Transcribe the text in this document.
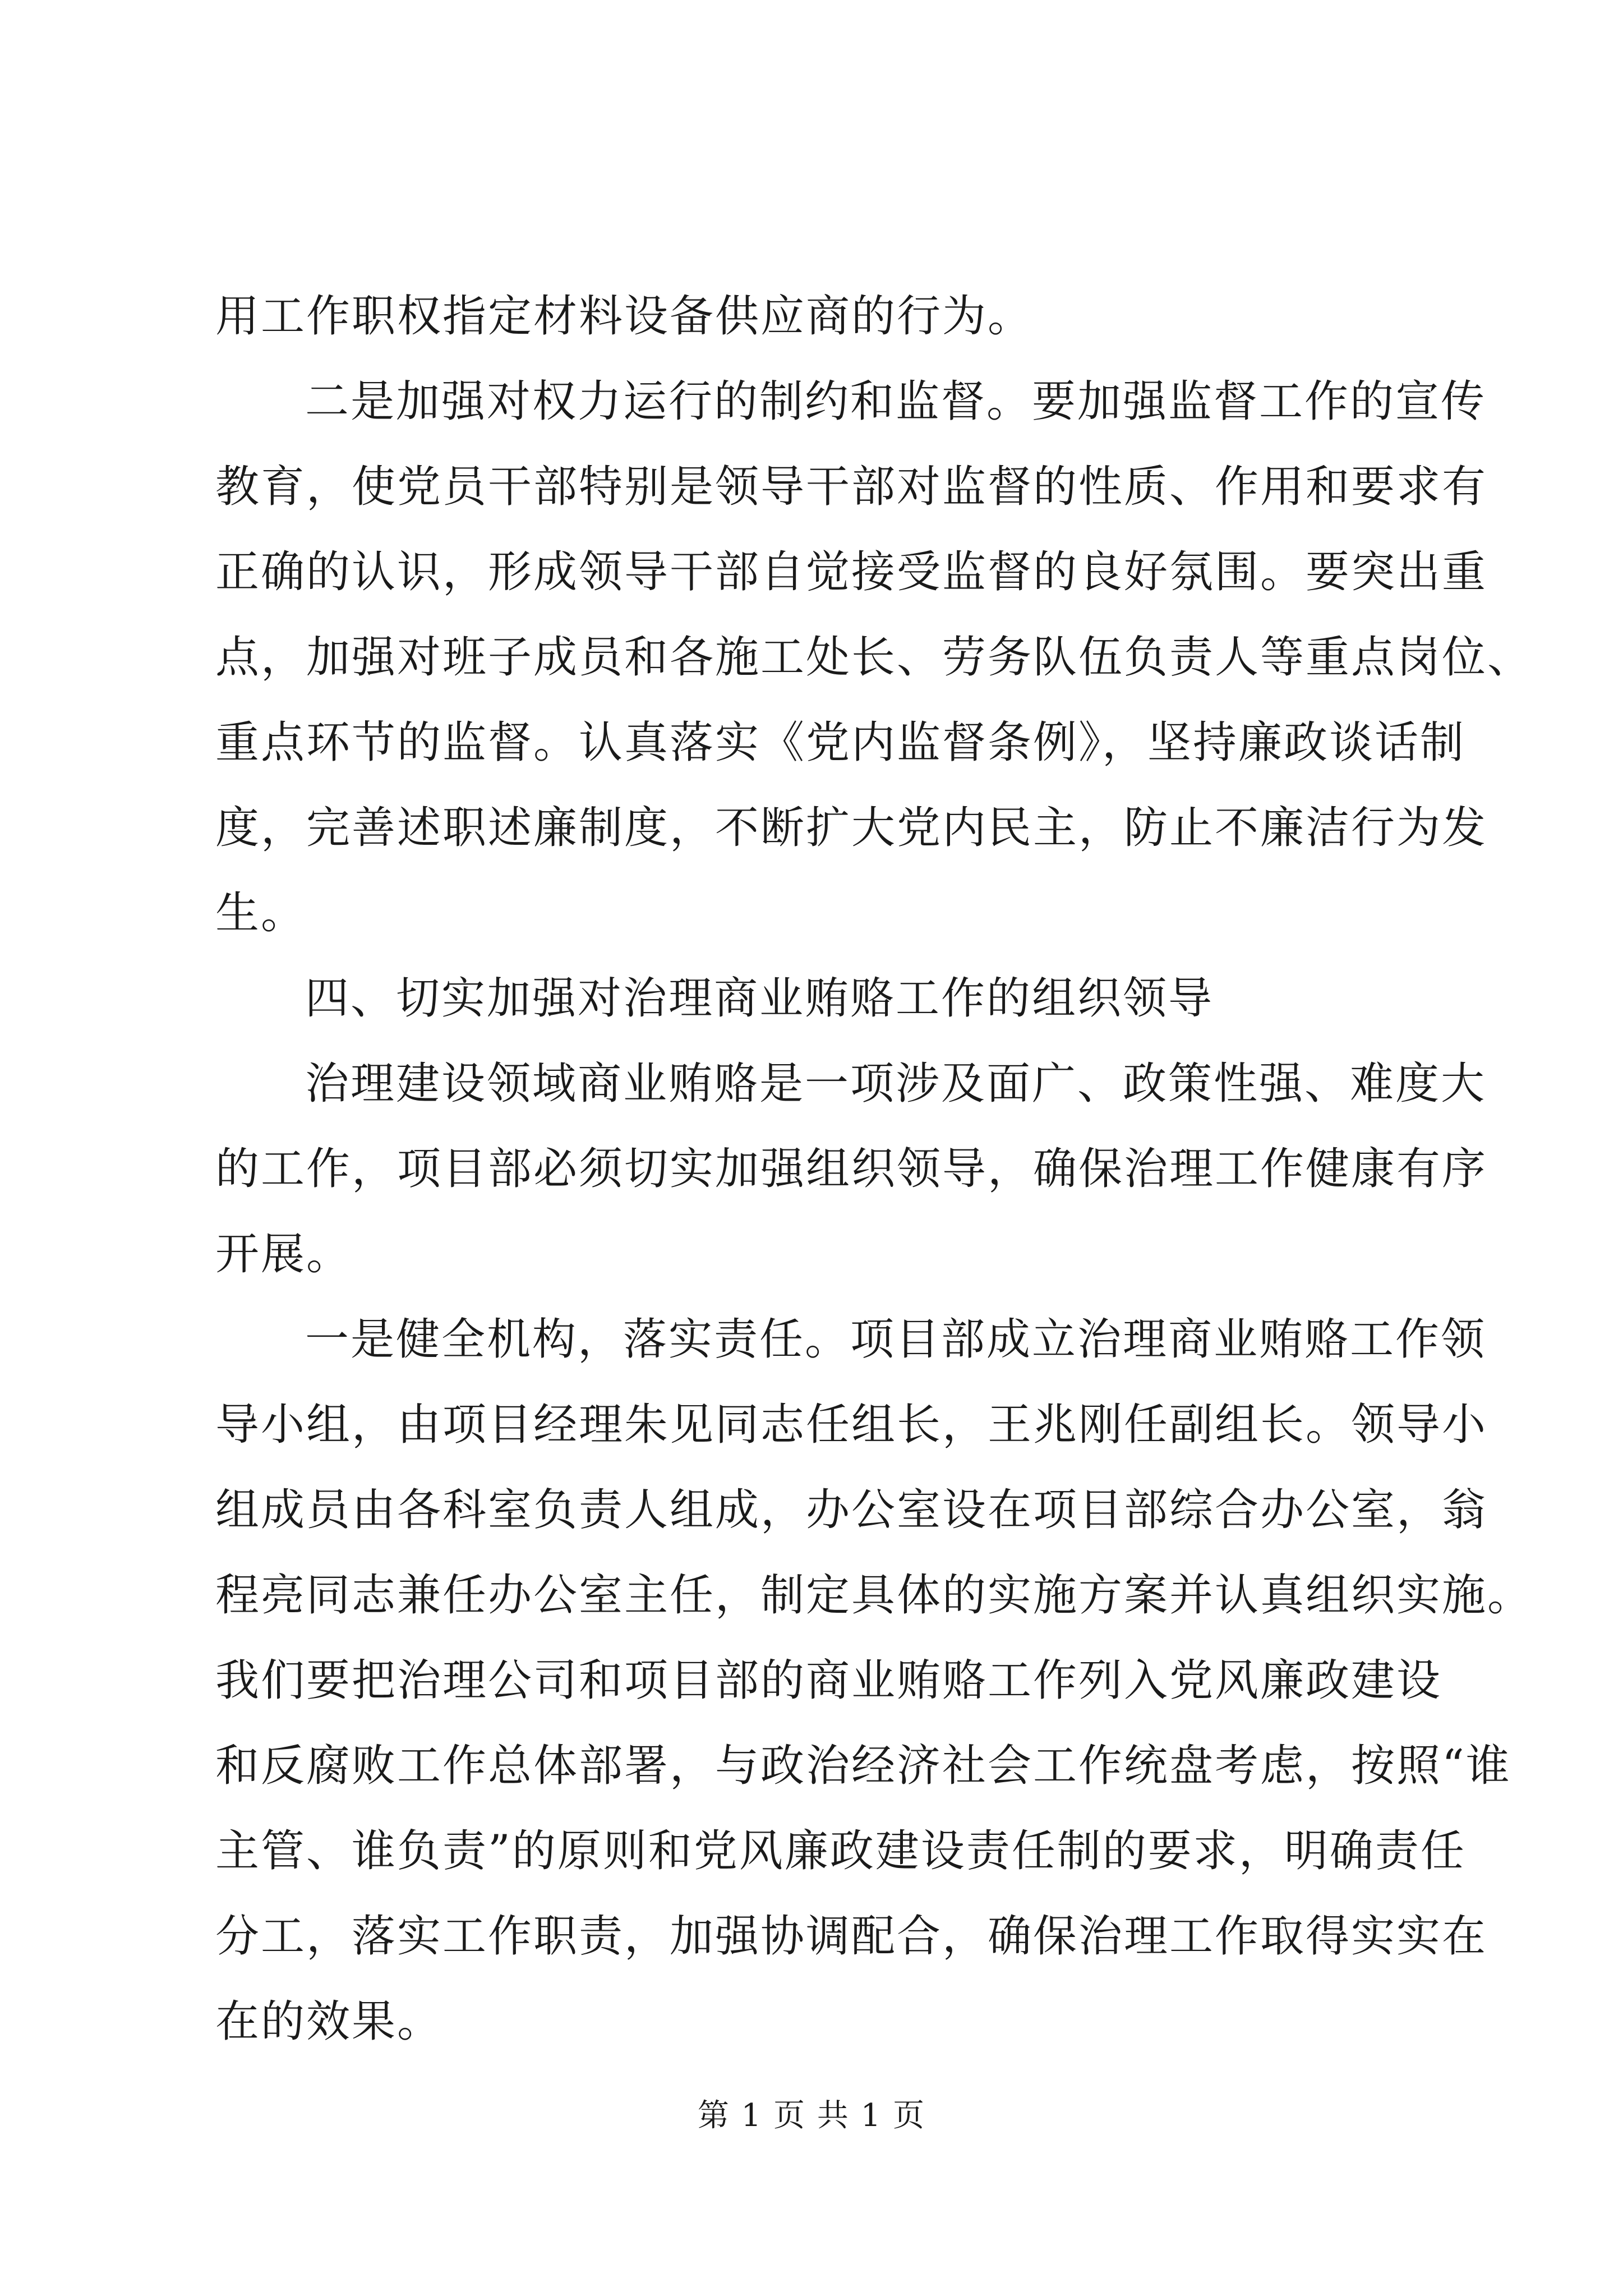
用工作职权指定材料设备供应商的行为。
二是加强对权力运行的制约和监督。要加强监督工作的宣传
教育，使党员干部特别是领导干部对监督的性质、作用和要求有
正确的认识，形成领导干部自觉接受监督的良好氛围。要突出重
点，加强对班子成员和各施工处长、劳务队伍负责人等重点岗位、
重点环节的监督。认真落实《党内监督条例》，坚持廉政谈话制
度，完善述职述廉制度，不断扩大党内民主，防止不廉洁行为发
生。
四、切实加强对治理商业贿赂工作的组织领导
治理建设领域商业贿赂是一项涉及面广、政策性强、难度大
的工作，项目部必须切实加强组织领导，确保治理工作健康有序
开展。
一是健全机构，落实责任。项目部成立治理商业贿赂工作领
导小组，由项目经理朱见同志任组长，王兆刚任副组长。领导小
组成员由各科室负责人组成，办公室设在项目部综合办公室，翁
程亮同志兼任办公室主任，制定具体的实施方案并认真组织实施。
我们要把治理公司和项目部的商业贿赂工作列入党风廉政建设
和反腐败工作总体部署，与政治经济社会工作统盘考虑，按照“谁
主管、谁负责”的原则和党风廉政建设责任制的要求，明确责任
分工，落实工作职责，加强协调配合，确保治理工作取得实实在
在的效果。
第 1 页 共 1 页
